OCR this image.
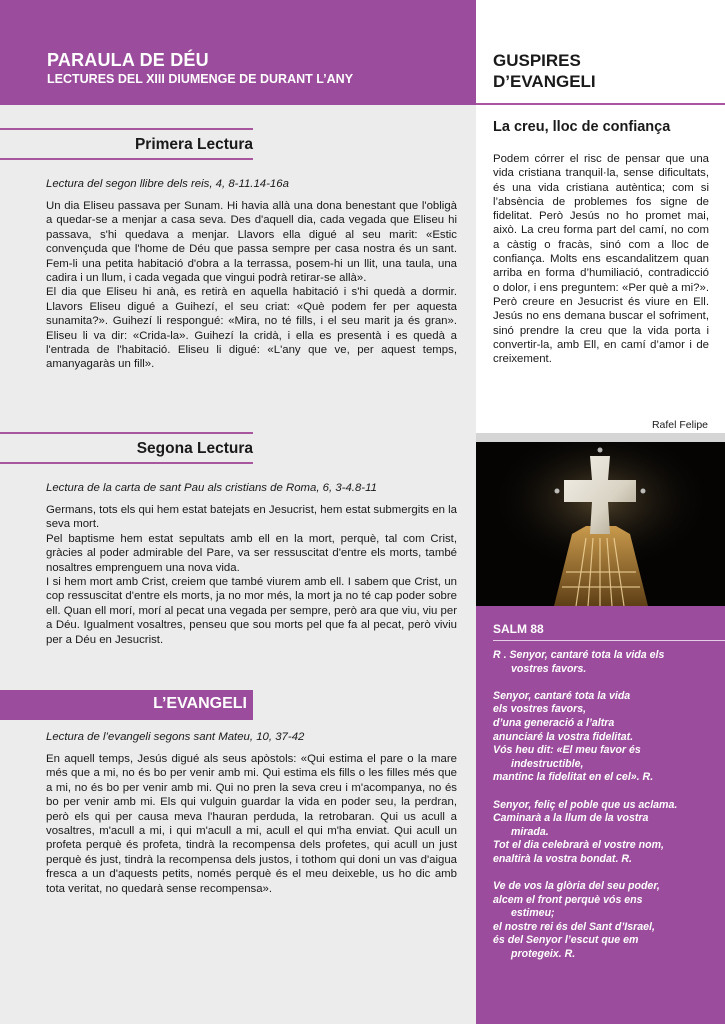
PARAULA DE DÉU
LECTURES DEL XIII DIUMENGE DE DURANT L’ANY
Primera Lectura
Lectura del segon llibre dels reis, 4, 8-11.14-16a

Un dia Eliseu passava per Sunam. Hi havia allà una dona benestant que l'obligà a quedar-se a menjar a casa seva. Des d'aquell dia, cada vegada que Eliseu hi passava, s'hi quedava a menjar. Llavors ella digué al seu marit: «Estic convençuda que l'home de Déu que passa sempre per casa nostra és un sant. Fem-li una petita habitació d'obra a la terrassa, posem-hi un llit, una taula, una cadira i un llum, i cada vegada que vingui podrà retirar-se allà».

El dia que Eliseu hi anà, es retirà en aquella habitació i s'hi quedà a dormir. Llavors Eliseu digué a Guihezí, el seu criat: «Què podem fer per aquesta sunamita?». Guihezí li respongué: «Mira, no té fills, i el seu marit ja és gran». Eliseu li va dir: «Crida-la». Guihezí la cridà, i ella es presentà i es quedà a l'entrada de l'habitació. Eliseu li digué: «L'any que ve, per aquest temps, amanyagaràs un fill».

Segona Lectura
Lectura de la carta de sant Pau als cristians de Roma, 6, 3-4.8-11

Germans, tots els qui hem estat batejats en Jesucrist, hem estat submergits en la seva mort.

Pel baptisme hem estat sepultats amb ell en la mort, perquè, tal com Crist, gràcies al poder admirable del Pare, va ser ressuscitat d'entre els morts, també nosaltres emprenguem una nova vida.

I si hem mort amb Crist, creiem que també viurem amb ell. I sabem que Crist, un cop ressuscitat d'entre els morts, ja no mor més, la mort ja no té cap poder sobre ell. Quan ell morí, morí al pecat una vegada per sempre, però ara que viu, viu per a Déu. Igualment vosaltres, penseu que sou morts pel que fa al pecat, però viviu per a Déu en Jesucrist.

L’EVANGELI
Lectura de l’evangeli segons sant Mateu, 10, 37-42

En aquell temps, Jesús digué als seus apòstols: «Qui estima el pare o la mare més que a mi, no és bo per venir amb mi. Qui estima els fills o les filles més que a mi, no és bo per venir amb mi. Qui no pren la seva creu i m'acompanya, no és bo per venir amb mi. Els qui vulguin guardar la vida en poder seu, la perdran, però els qui per causa meva l'hauran perduda, la retrobaran. Qui us acull a vosaltres, m'acull a mi, i qui m'acull a mi, acull el qui m'ha enviat. Qui acull un profeta perquè és profeta, tindrà la recompensa dels profetes, qui acull un just perquè és just, tindrà la recompensa dels justos, i tothom qui doni un vas d'aigua fresca a un d'aquests petits, només perquè és el meu deixeble, us ho dic amb tota veritat, no quedarà sense recompensa».

GUSPIRES
D’EVANGELI
La creu, lloc de confiança
Podem córrer el risc de pensar que una vida cristiana tranquil·la, sense dificultats, és una vida cristiana autèntica; com si l’absència de problemes fos signe de fidelitat. Però Jesús no ho promet mai, això. La creu forma part del camí, no com a càstig o fracàs, sinó com a lloc de confiança. Molts ens escandalitzem quan arriba en forma d’humiliació, contradicció o dolor, i ens preguntem: «Per què a mi?». Però creure en Jesucrist és viure en Ell. Jesús no ens demana buscar el sofriment, sinó prendre la creu que la vida porta i convertir-la, amb Ell, en camí d’amor i de creixement.
Rafel Felipe
SALM 88

R . Senyor, cantaré tota la vida els

vostres favors.

Senyor, cantaré tota la vida

els vostres favors,

d’una generació a l’altra

anunciaré la vostra fidelitat.

Vós heu dit: «El meu favor és

indestructible,

mantinc la fidelitat en el cel». R.

Senyor, feliç el poble que us aclama.

Caminarà a la llum de la vostra

mirada.

Tot el dia celebrarà el vostre nom,

enaltirà la vostra bondat. R.

Ve de vos la glòria del seu poder,

alcem el front perquè vós ens

estimeu;

el nostre rei és del Sant d’Israel,

és del Senyor l’escut que em

protegeix. R.
